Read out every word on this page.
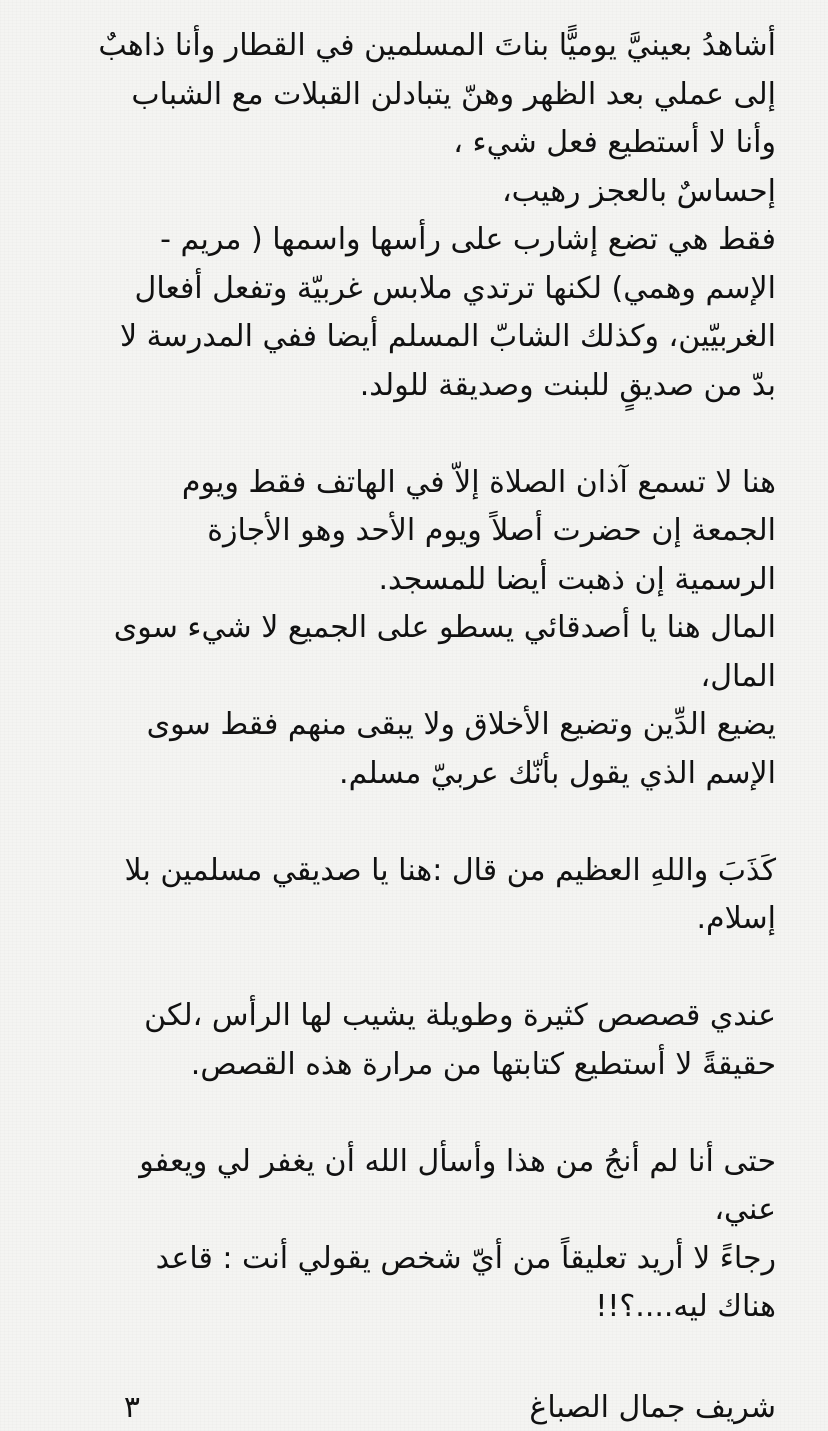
أشاهدُ بعينيَّ يوميًّا بناتَ المسلمين في القطار وأنا ذاهبٌ
إلى عملي بعد الظهر وهنّ يتبادلن القبلات مع الشباب
وأنا لا أستطيع فعل شيء ،
إحساسٌ بالعجز رهيب،
فقط هي تضع إشارب على رأسها واسمها ( مريم -
الإسم وهمي) لكنها ترتدي ملابس غربيّة وتفعل أفعال
الغربيّين، وكذلك الشابّ المسلم أيضا ففي المدرسة لا
بدّ من صديقٍ للبنت وصديقة للولد.

هنا لا تسمع آذان الصلاة إلاّ في الهاتف فقط ويوم
الجمعة إن حضرت أصلاً ويوم الأحد وهو الأجازة
الرسمية إن ذهبت أيضا للمسجد.
المال هنا يا أصدقائي يسطو على الجميع لا شيء سوى
المال،
يضيع الدِّين وتضيع الأخلاق ولا يبقى منهم فقط سوى
الإسم الذي يقول بأنّك عربيّ مسلم.

كَذَبَ واللهِ العظيم من قال :هنا يا صديقي مسلمين بلا
إسلام.

عندي قصصص كثيرة وطويلة يشيب لها الرأس ،لكن
حقيقةً لا أستطيع كتابتها من مرارة هذه القصص.

حتى أنا لم أنجُ من هذا وأسأل الله أن يغفر لي ويعفو
عني،
رجاءً لا أريد تعليقاً من أيّ شخص يقولي أنت : قاعد
هناك ليه....؟!!

شريف جمال الصباغ
٣
